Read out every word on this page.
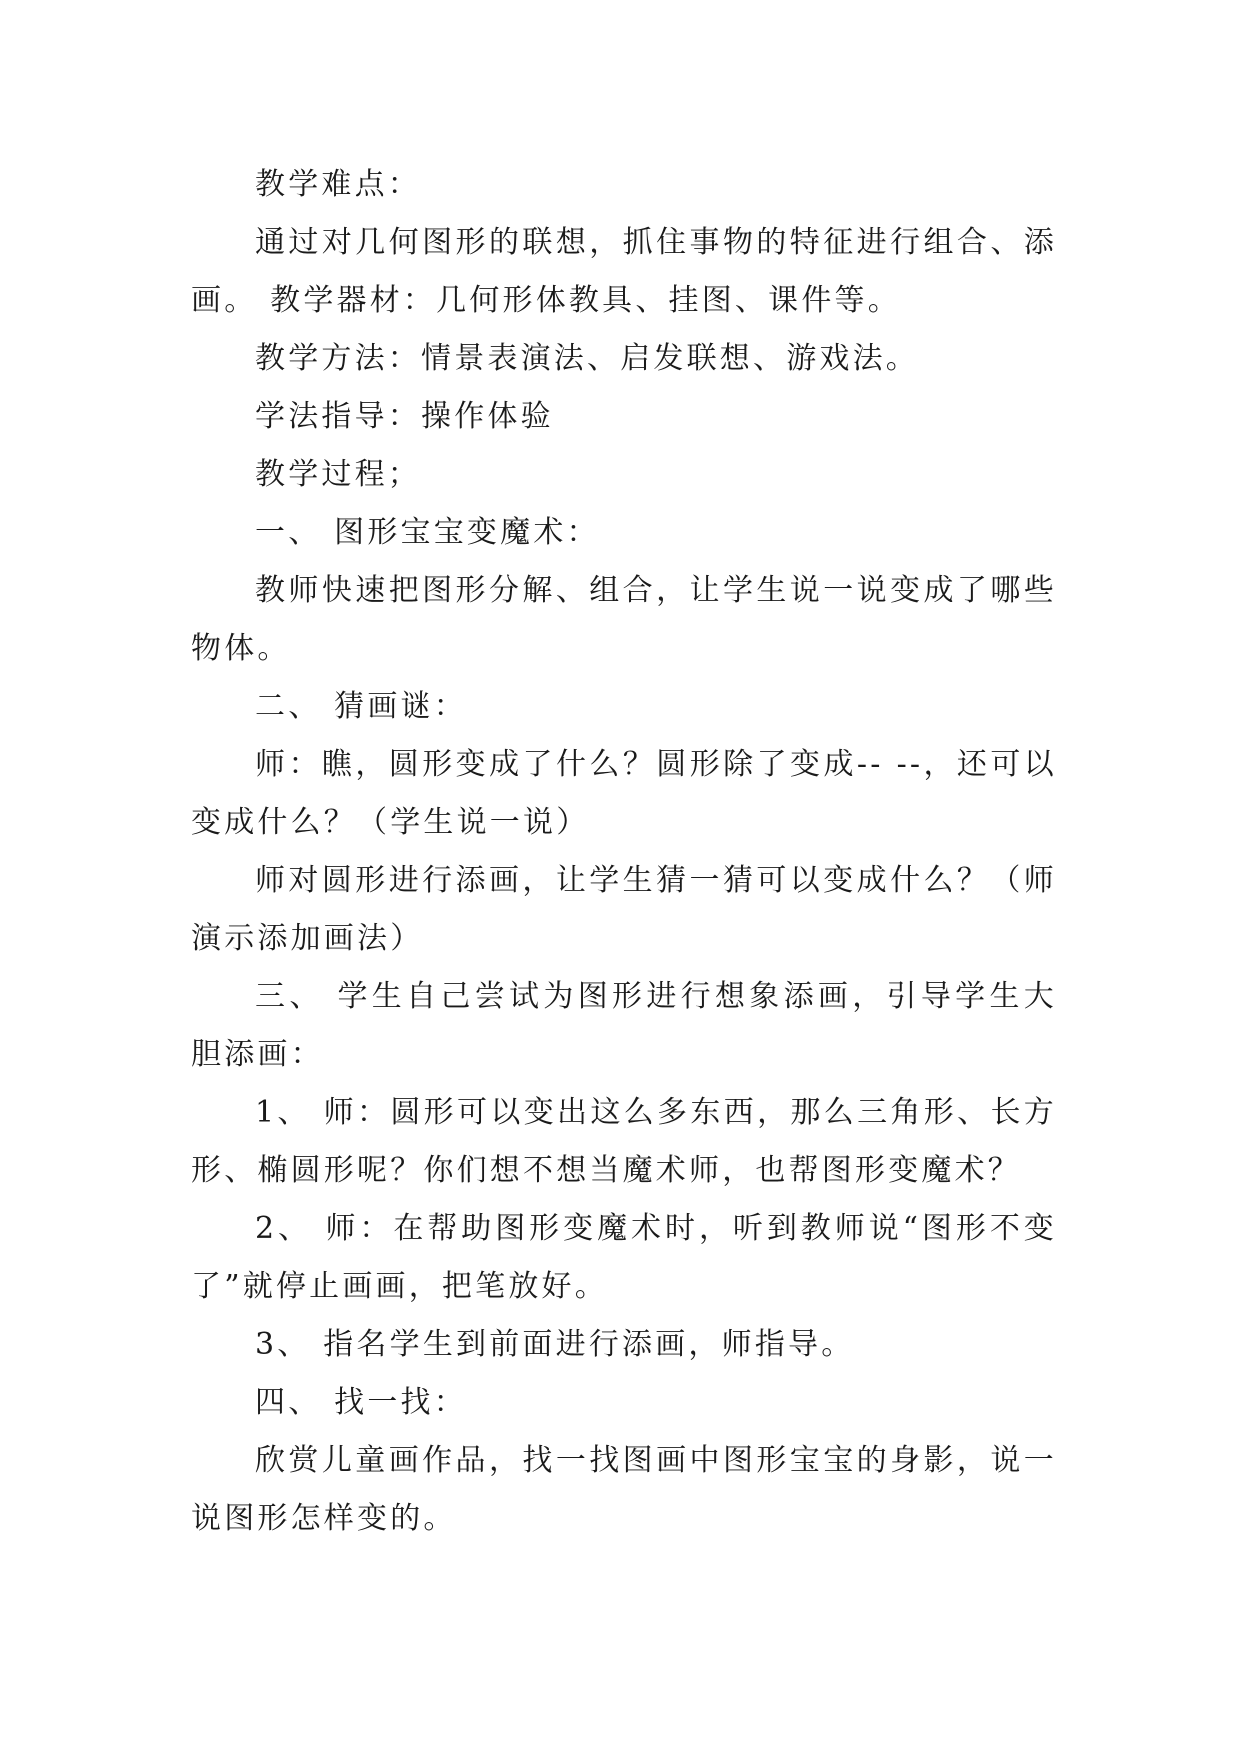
教学难点：

通过对几何图形的联想，抓住事物的特征进行组合、添画。 教学器材：几何形体教具、挂图、课件等。

教学方法：情景表演法、启发联想、游戏法。

学法指导：操作体验

教学过程；

一、 图形宝宝变魔术：

教师快速把图形分解、组合，让学生说一说变成了哪些物体。

二、 猜画谜：

师：瞧，圆形变成了什么？圆形除了变成-- --，还可以变成什么？（学生说一说）

师对圆形进行添画，让学生猜一猜可以变成什么？（师演示添加画法）

三、 学生自己尝试为图形进行想象添画，引导学生大胆添画：

1、 师：圆形可以变出这么多东西，那么三角形、长方形、椭圆形呢？你们想不想当魔术师，也帮图形变魔术？

2、 师：在帮助图形变魔术时，听到教师说“图形不变了”就停止画画，把笔放好。

3、 指名学生到前面进行添画，师指导。

四、 找一找：

欣赏儿童画作品，找一找图画中图形宝宝的身影，说一说图形怎样变的。
